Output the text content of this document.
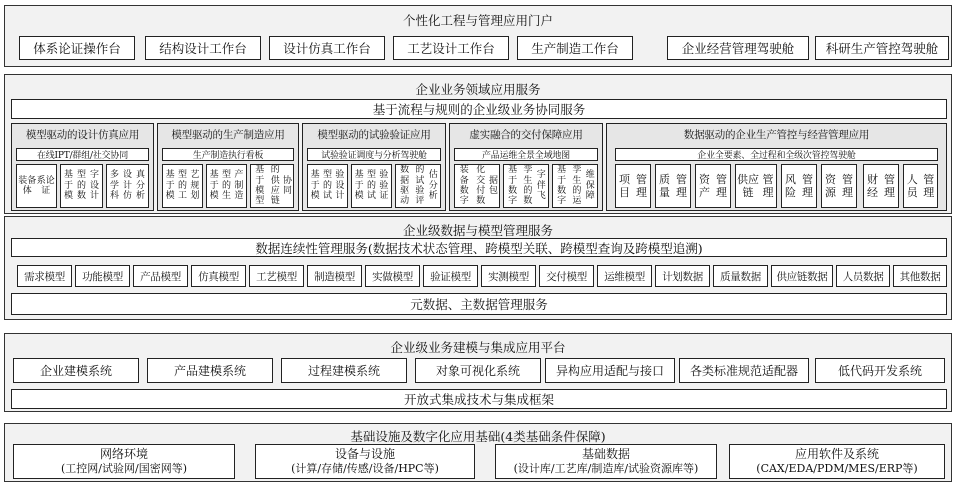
个性化工程与管理应用门户
体系论证操作台	结构设计工作台	设计仿真工作台	工艺设计工作台	生产制造工作台	企业经营管理驾驶舱	科研生产管控驾驶舱
企业业务领域应用服务
基于流程与规则的企业级业务协同服务
模型驱动的设计仿真应用
在线IPT/群组/社交协同
装备体
系论证
基于模
型的数
字设计
多学科
设计仿
真分析
模型驱动的生产制造应用
生产制造执行看板
基于模
型的工
艺规划
基于模
型的生
产制造
基于模型
的供应链
协同
模型驱动的试验验证应用
试验验证调度与分析驾驶舱
基于模
型的试
验设计
基于模
型的试
验验证
数据驱动
的试验评
估分析
虚实融合的交付保障应用
产品运维全景全域地图
装备数字
化交付数
据包
基于数字
孪生的数
字伴飞
基于数字
孪生的运
维保障
数据驱动的企业生产管控与经营管理应用
企业全要素、全过程和全级次管控驾驶舱
项目
管理
质量
管理
资产
管理
供应链
管理
风险
管理
资源
管理
财经
管理
人员
管理
企业级数据与模型管理服务
数据连续性管理服务(数据技术状态管理、跨模型关联、跨模型查询及跨模型追溯)
需求模型	功能模型	产品模型	仿真模型	工艺模型	制造模型	实做模型	验证模型	实测模型	交付模型	运维模型	计划数据	质量数据	供应链数据	人员数据	其他数据
元数据、主数据管理服务
企业级业务建模与集成应用平台
企业建模系统	产品建模系统	过程建模系统	对象可视化系统	异构应用适配与接口	各类标准规范适配器	低代码开发系统
开放式集成技术与集成框架
基础设施及数字化应用基础(4类基础条件保障)
网络环境
(工控网/试验网/国密网等)
设备与设施
(计算/存储/传感/设备/HPC等)
基础数据
(设计库/工艺库/制造库/试验资源库等)
应用软件及系统
(CAX/EDA/PDM/MES/ERP等)
